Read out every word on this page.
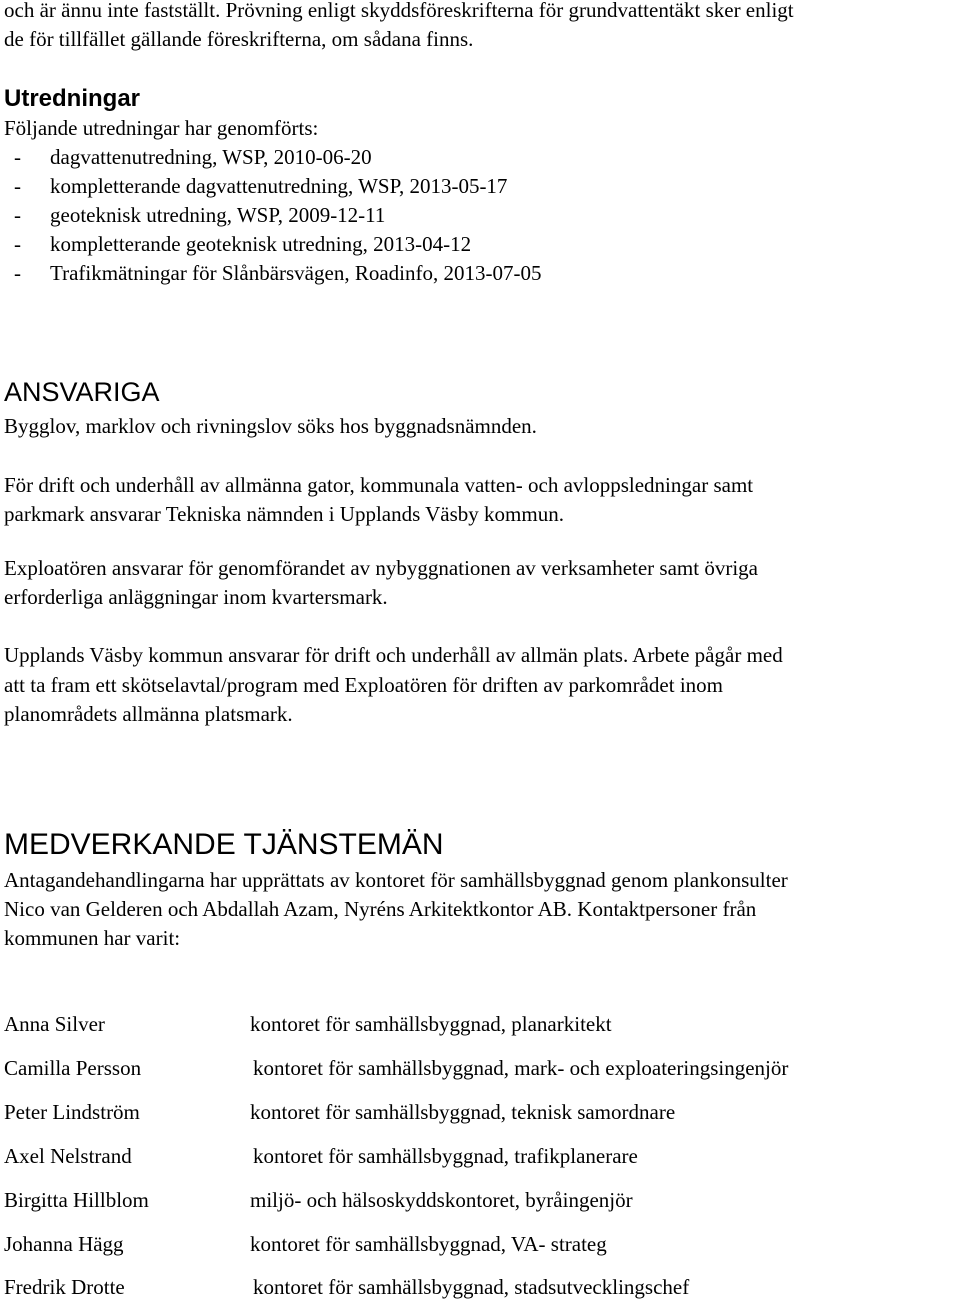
och är ännu inte fastställt. Prövning enligt skyddsföreskrifterna för grundvattentäkt sker enligt
de för tillfället gällande föreskrifterna, om sådana finns.
Utredningar
Följande utredningar har genomförts:
- dagvattenutredning, WSP, 2010-06-20
- kompletterande dagvattenutredning, WSP, 2013-05-17
- geoteknisk utredning, WSP, 2009-12-11
- kompletterande geoteknisk utredning, 2013-04-12
- Trafikmätningar för Slånbärsvägen, Roadinfo, 2013-07-05
ANSVARIGA
Bygglov, marklov och rivningslov söks hos byggnadsnämnden.
För drift och underhåll av allmänna gator, kommunala vatten- och avloppsledningar samt
parkmark ansvarar Tekniska nämnden i Upplands Väsby kommun.
Exploatören ansvarar för genomförandet av nybyggnationen av verksamheter samt övriga
erforderliga anläggningar inom kvartersmark.
Upplands Väsby kommun ansvarar för drift och underhåll av allmän plats. Arbete pågår med
att ta fram ett skötselavtal/program med Exploatören för driften av parkområdet inom
planområdets allmänna platsmark.
MEDVERKANDE TJÄNSTEMÄN
Antagandehandlingarna har upprättats av kontoret för samhällsbyggnad genom plankonsulter
Nico van Gelderen och Abdallah Azam, Nyréns Arkitektkontor AB. Kontaktpersoner från
kommunen har varit:
Anna Silver	kontoret för samhällsbyggnad, planarkitekt
Camilla Persson	kontoret för samhällsbyggnad, mark- och exploateringsingenjör
Peter Lindström	kontoret för samhällsbyggnad, teknisk samordnare
Axel Nelstrand	kontoret för samhällsbyggnad, trafikplanerare
Birgitta Hillblom	miljö- och hälsoskyddskontoret, byråingenjör
Johanna Hägg	kontoret för samhällsbyggnad, VA- strateg
Fredrik Drotte	kontoret för samhällsbyggnad, stadsutvecklingschef
